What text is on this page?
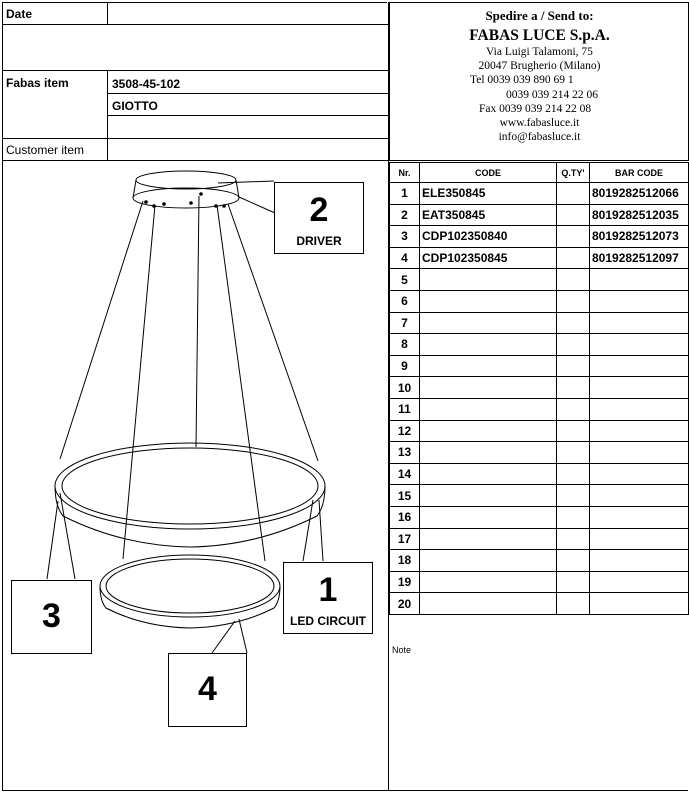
Date
Fabas item	3508-45-102
GIOTTO
Customer item
Spedire a / Send to:
FABAS LUCE S.p.A.
Via Luigi Talamoni, 75
20047 Brugherio (Milano)
Tel 0039 039 890 69 1
0039 039 214 22 06
Fax 0039 039 214 22 08
www.fabasluce.it
info@fabasluce.it
Nr.	CODE	Q.TY'	BAR CODE
1	ELE350845		8019282512066
2	EAT350845		8019282512035
3	CDP102350840		8019282512073
4	CDP102350845		8019282512097
5			
6			
7			
8			
9			
10			
11			
12			
13			
14			
15			
16			
17			
18			
19			
20			
Note
2
DRIVER
1
LED CIRCUIT
3
4
